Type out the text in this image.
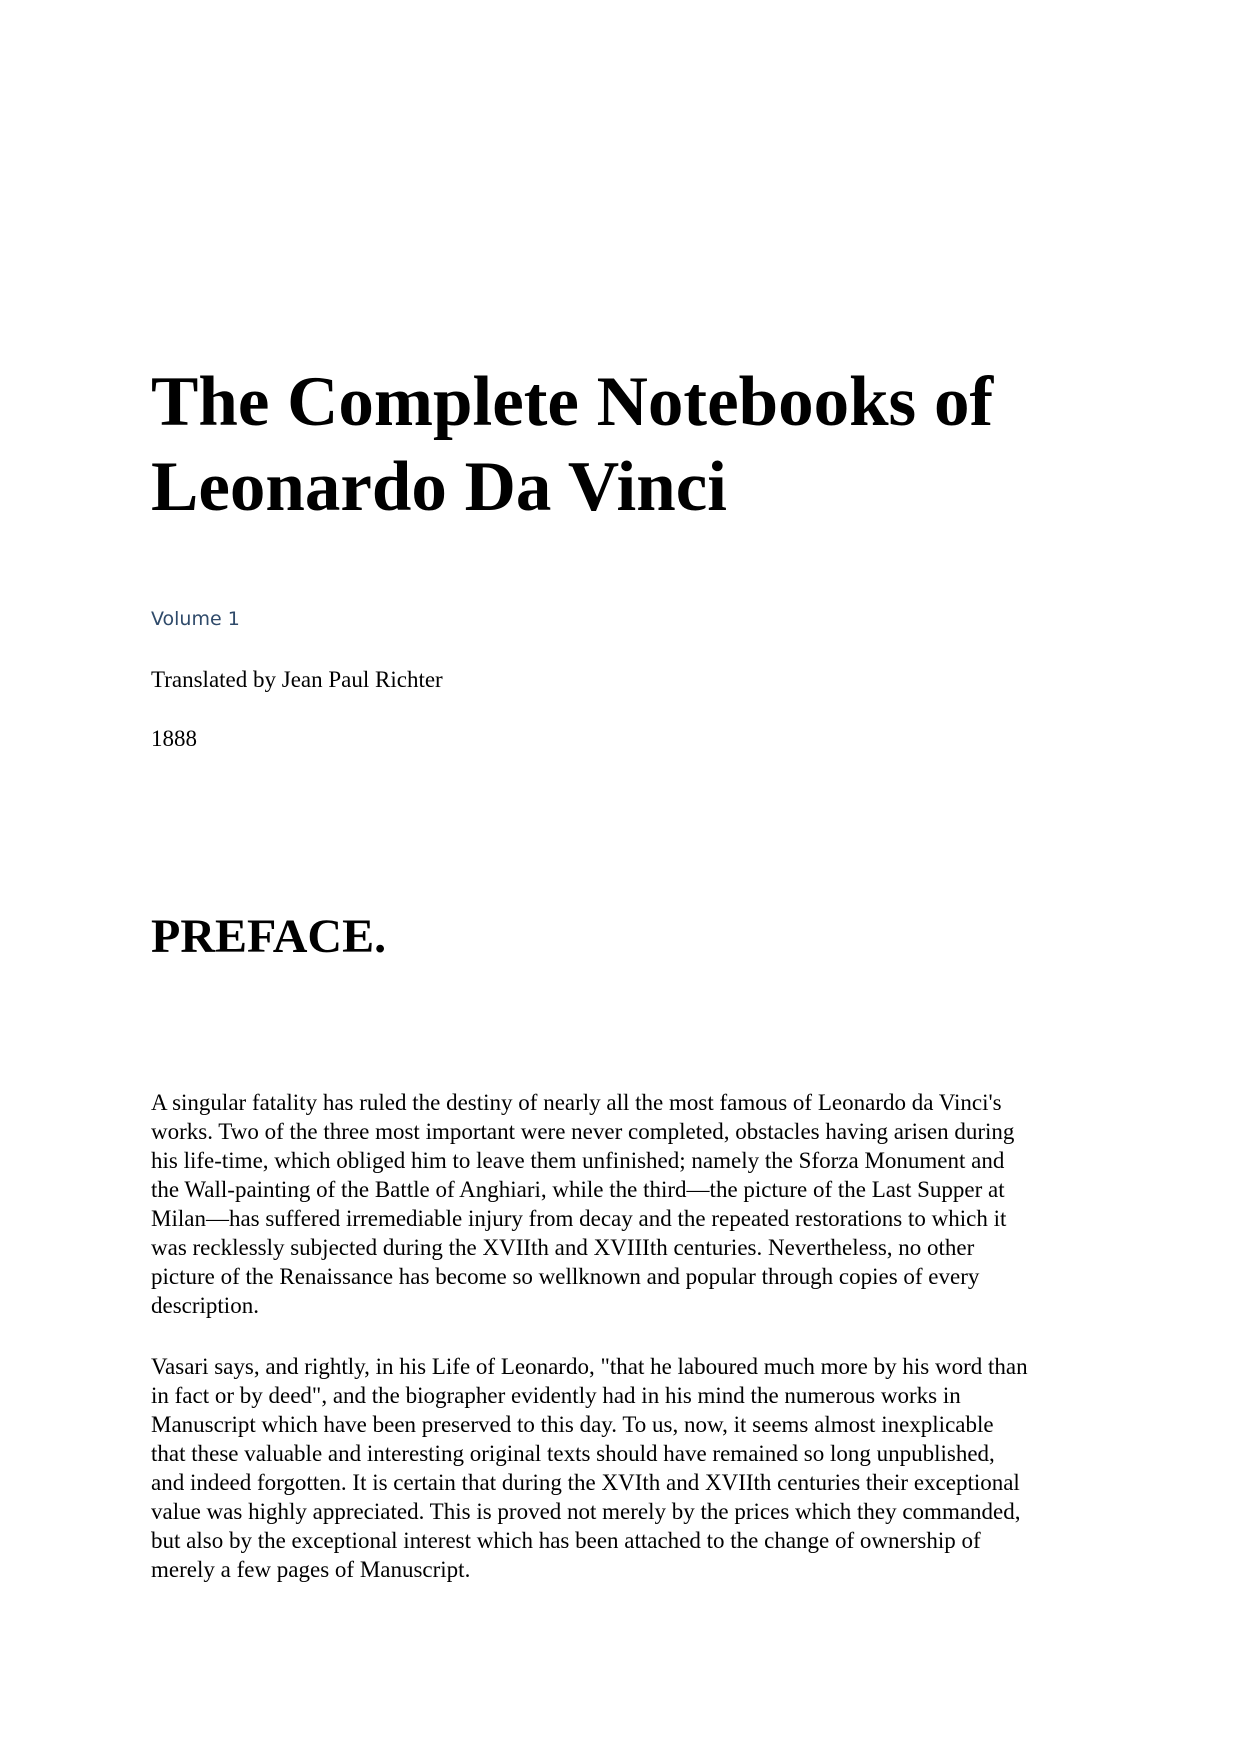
The Complete Notebooks of
Leonardo Da Vinci

Volume 1

Translated by Jean Paul Richter

1888

PREFACE.

A singular fatality has ruled the destiny of nearly all the most famous of Leonardo da Vinci's works. Two of the three most important were never completed, obstacles having arisen during his life-time, which obliged him to leave them unfinished; namely the Sforza Monument and the Wall-painting of the Battle of Anghiari, while the third—the picture of the Last Supper at Milan—has suffered irremediable injury from decay and the repeated restorations to which it was recklessly subjected during the XVIIth and XVIIIth centuries. Nevertheless, no other picture of the Renaissance has become so wellknown and popular through copies of every description.

Vasari says, and rightly, in his Life of Leonardo, "that he laboured much more by his word than in fact or by deed", and the biographer evidently had in his mind the numerous works in Manuscript which have been preserved to this day. To us, now, it seems almost inexplicable that these valuable and interesting original texts should have remained so long unpublished, and indeed forgotten. It is certain that during the XVIth and XVIIth centuries their exceptional value was highly appreciated. This is proved not merely by the prices which they commanded, but also by the exceptional interest which has been attached to the change of ownership of merely a few pages of Manuscript.
